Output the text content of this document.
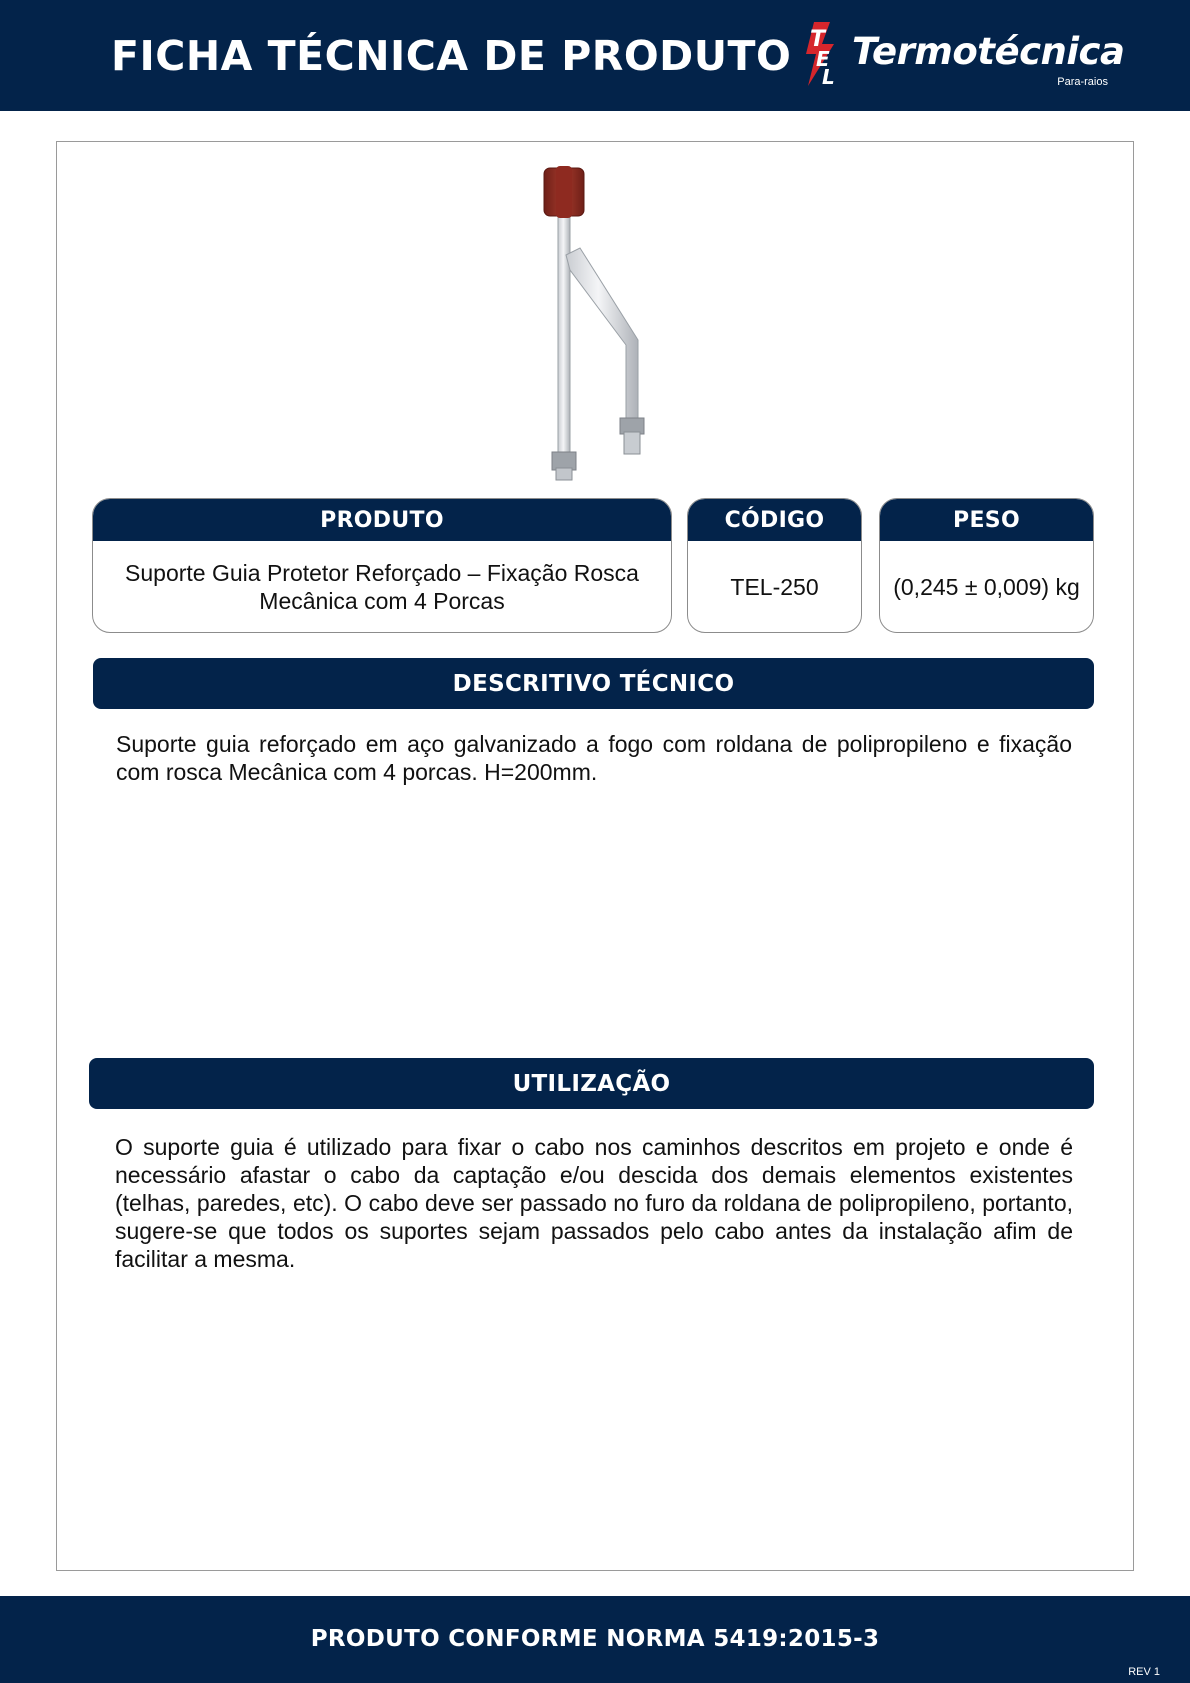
FICHA TÉCNICA DE PRODUTO T
E
L
Termotécnica
Para-raios
PRODUTO
Suporte Guia Protetor Reforçado – Fixação Rosca Mecânica com 4 Porcas
CÓDIGO
TEL-250
PESO
(0,245 ± 0,009) kg
DESCRITIVO TÉCNICO

Suporte guia reforçado em aço galvanizado a fogo com roldana de polipropileno e fixação com rosca Mecânica com 4 porcas. H=200mm.

UTILIZAÇÃO

O suporte guia é utilizado para fixar o cabo nos caminhos descritos em projeto e onde é necessário afastar o cabo da captação e/ou descida dos demais elementos existentes (telhas, paredes, etc). O cabo deve ser passado no furo da roldana de polipropileno, portanto, sugere-se que todos os suportes sejam passados pelo cabo antes da instalação afim de facilitar a mesma.

PRODUTO CONFORME NORMA 5419:2015-3
REV 1
